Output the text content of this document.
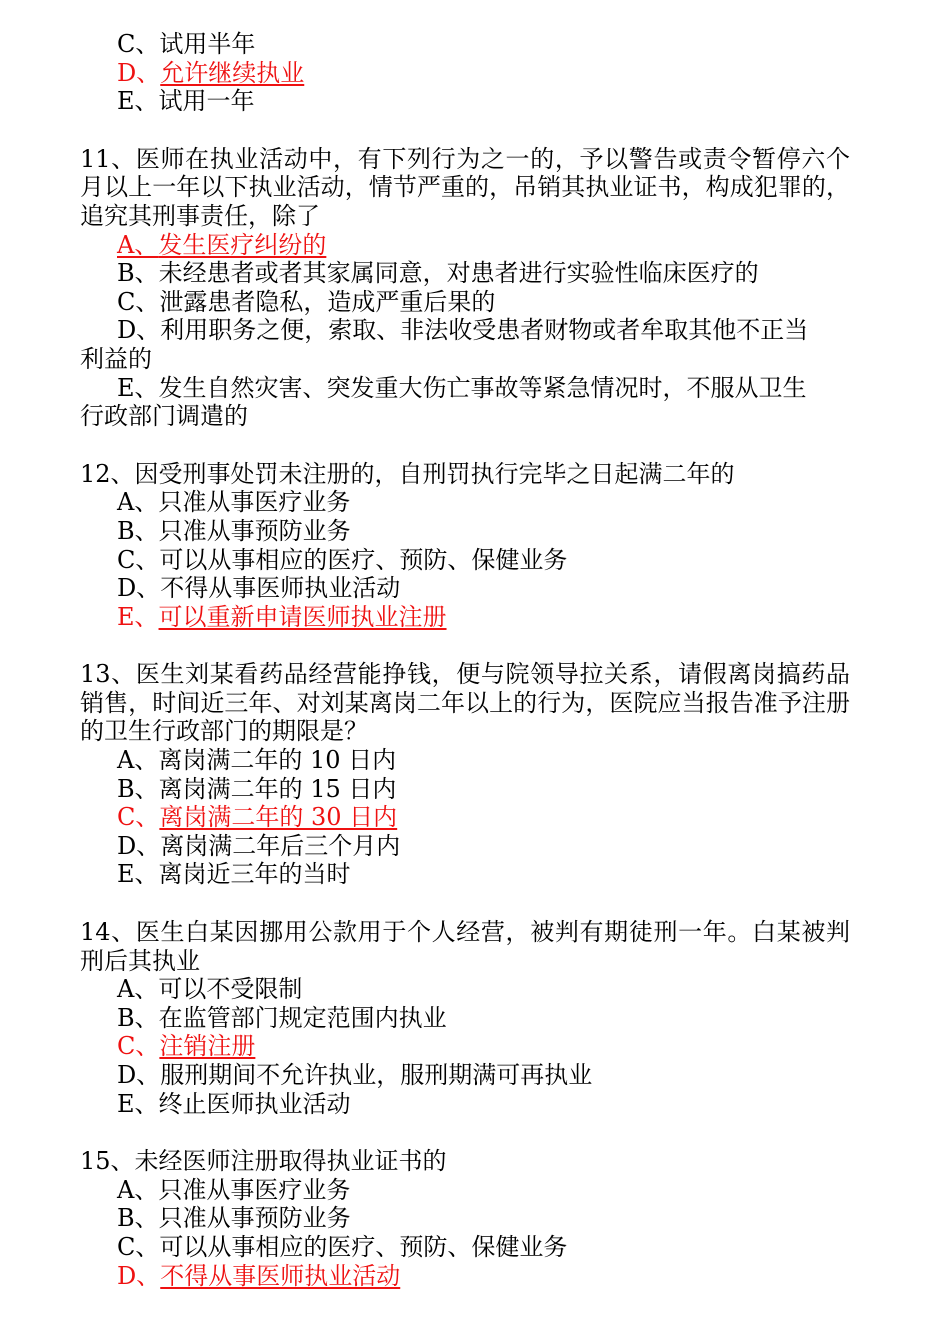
C、试用半年
D、允许继续执业
E、试用一年
11、医师在执业活动中，有下列行为之一的，予以警告或责令暂停六个月以上一年以下执业活动，情节严重的，吊销其执业证书，构成犯罪的，追究其刑事责任，除了
A、发生医疗纠纷的
B、未经患者或者其家属同意，对患者进行实验性临床医疗的
C、泄露患者隐私，造成严重后果的
D、利用职务之便，索取、非法收受患者财物或者牟取其他不正当
利益的
E、发生自然灾害、突发重大伤亡事故等紧急情况时，不服从卫生
行政部门调遣的
12、因受刑事处罚未注册的，自刑罚执行完毕之日起满二年的
A、只准从事医疗业务
B、只准从事预防业务
C、可以从事相应的医疗、预防、保健业务
D、不得从事医师执业活动
E、可以重新申请医师执业注册
13、医生刘某看药品经营能挣钱，便与院领导拉关系，请假离岗搞药品销售，时间近三年、对刘某离岗二年以上的行为，医院应当报告准予注册的卫生行政部门的期限是？
A、离岗满二年的 10 日内
B、离岗满二年的 15 日内
C、离岗满二年的 30 日内
D、离岗满二年后三个月内
E、离岗近三年的当时
14、医生白某因挪用公款用于个人经营，被判有期徒刑一年。白某被判刑后其执业
A、可以不受限制
B、在监管部门规定范围内执业
C、注销注册
D、服刑期间不允许执业，服刑期满可再执业
E、终止医师执业活动
15、未经医师注册取得执业证书的
A、只准从事医疗业务
B、只准从事预防业务
C、可以从事相应的医疗、预防、保健业务
D、不得从事医师执业活动
